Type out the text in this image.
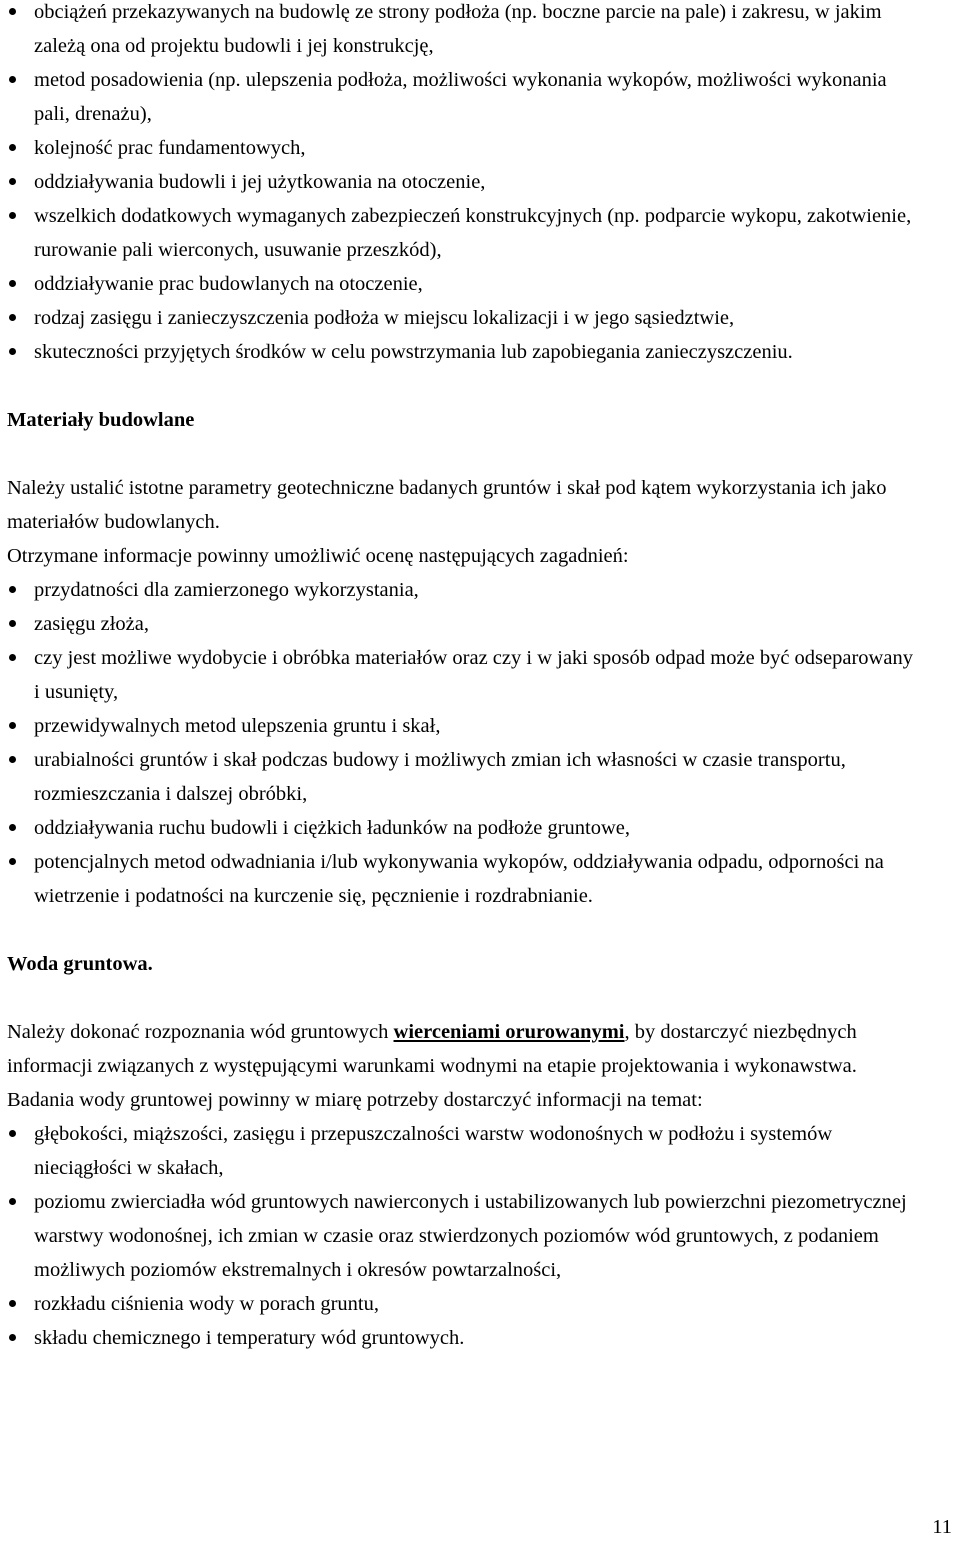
obciążeń przekazywanych na budowlę ze strony podłoża (np. boczne parcie na pale) i zakresu, w jakim zależą ona od projektu budowli i jej konstrukcję,
metod posadowienia (np. ulepszenia podłoża, możliwości wykonania wykopów, możliwości wykonania pali, drenażu),
kolejność prac fundamentowych,
oddziaływania budowli i jej użytkowania na otoczenie,
wszelkich dodatkowych wymaganych zabezpieczeń konstrukcyjnych (np. podparcie wykopu, zakotwienie, rurowanie pali wierconych, usuwanie przeszkód),
oddziaływanie prac budowlanych na otoczenie,
rodzaj zasięgu i zanieczyszczenia podłoża w miejscu lokalizacji i w jego sąsiedztwie,
skuteczności przyjętych środków w celu powstrzymania lub zapobiegania zanieczyszczeniu.
Materiały budowlane

Należy ustalić istotne parametry geotechniczne badanych gruntów i skał pod kątem wykorzystania ich jako materiałów budowlanych.

Otrzymane informacje powinny umożliwić ocenę następujących zagadnień:

przydatności dla zamierzonego wykorzystania,
zasięgu złoża,
czy jest możliwe wydobycie i obróbka materiałów oraz czy i w jaki sposób odpad może być odseparowany i usunięty,
przewidywalnych metod ulepszenia gruntu i skał,
urabialności gruntów i skał podczas budowy i możliwych zmian ich własności w czasie transportu, rozmieszczania i dalszej obróbki,
oddziaływania ruchu budowli i ciężkich ładunków na podłoże gruntowe,
potencjalnych metod odwadniania i/lub wykonywania wykopów, oddziaływania odpadu, odporności na wietrzenie i podatności na kurczenie się, pęcznienie i rozdrabnianie.
Woda gruntowa.

Należy dokonać rozpoznania wód gruntowych wierceniami orurowanymi, by dostarczyć niezbędnych informacji związanych z występującymi warunkami wodnymi na etapie projektowania i wykonawstwa.

Badania wody gruntowej powinny w miarę potrzeby dostarczyć informacji na temat:

głębokości, miąższości, zasięgu i przepuszczalności warstw wodonośnych w podłożu i systemów nieciągłości w skałach,
poziomu zwierciadła wód gruntowych nawierconych i ustabilizowanych lub powierzchni piezometrycznej warstwy wodonośnej, ich zmian w czasie oraz stwierdzonych poziomów wód gruntowych, z podaniem możliwych poziomów ekstremalnych i okresów powtarzalności,
rozkładu ciśnienia wody w porach gruntu,
składu chemicznego i temperatury wód gruntowych.
11
